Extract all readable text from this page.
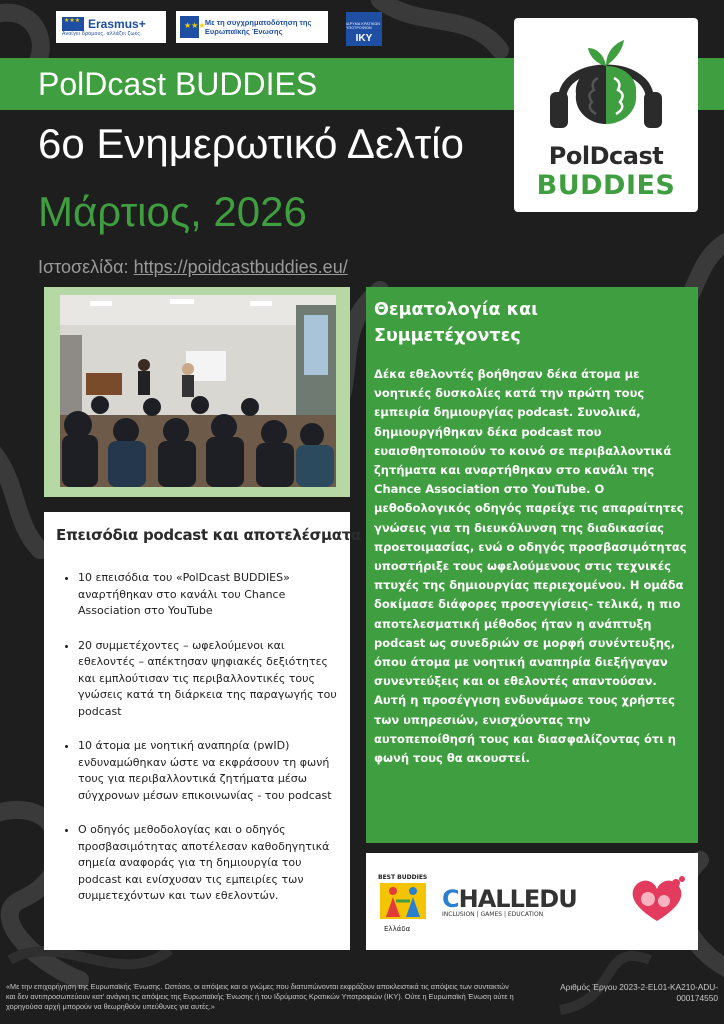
★★★
Erasmus+
Ανοίγει δρόμους, αλλάζει ζωές.
★★★
Με τη συγχρηματοδότηση της Ευρωπαϊκής Ένωσης
ΙΔΡΥΜΑ ΚΡΑΤΙΚΩΝ ΥΠΟΤΡΟΦΙΩΝ
IKY
PolDcast BUDDIES
PolDcast
BUDDIES
6ο Ενημερωτικό Δελτίο
Μάρτιος, 2026
Ιστοσελίδα: https://poidcastbuddies.eu/
Θεματολογία και Συμμετέχοντες

Δέκα εθελοντές βοήθησαν δέκα άτομα με νοητικές δυσκολίες κατά την πρώτη τους εμπειρία δημιουργίας podcast. Συνολικά, δημιουργήθηκαν δέκα podcast που ευαισθητοποιούν το κοινό σε περιβαλλοντικά ζητήματα και αναρτήθηκαν στο κανάλι της Chance Association στο YouTube. Ο μεθοδολογικός οδηγός παρείχε τις απαραίτητες γνώσεις για τη διευκόλυνση της διαδικασίας προετοιμασίας, ενώ ο οδηγός προσβασιμότητας υποστήριξε τους ωφελούμενους στις τεχνικές πτυχές της δημιουργίας περιεχομένου. Η ομάδα δοκίμασε διάφορες προσεγγίσεις- τελικά, η πιο αποτελεσματική μέθοδος ήταν η ανάπτυξη podcast ως συνεδριών σε μορφή συνέντευξης, όπου άτομα με νοητική αναπηρία διεξήγαγαν συνεντεύξεις και οι εθελοντές απαντούσαν. Αυτή η προσέγγιση ενδυνάμωσε τους χρήστες των υπηρεσιών, ενισχύοντας την αυτοπεποίθησή τους και διασφαλίζοντας ότι η φωνή τους θα ακουστεί.

Επεισόδια podcast και αποτελέσματα
• 10 επεισόδια του «PolDcast BUDDIES» αναρτήθηκαν στο κανάλι του Chance Association στο YouTube
• 20 συμμετέχοντες – ωφελούμενοι και εθελοντές – απέκτησαν ψηφιακές δεξιότητες και εμπλούτισαν τις περιβαλλοντικές τους γνώσεις κατά τη διάρκεια της παραγωγής του podcast
• 10 άτομα με νοητική αναπηρία (pwID) ενδυναμώθηκαν ώστε να εκφράσουν τη φωνή τους για περιβαλλοντικά ζητήματα μέσω σύγχρονων μέσων επικοινωνίας - του podcast
• Ο οδηγός μεθοδολογίας και ο οδηγός προσβασιμότητας αποτέλεσαν καθοδηγητικά σημεία αναφοράς για τη δημιουργία του podcast και ενίσχυσαν τις εμπειρίες των συμμετεχόντων και των εθελοντών.
BEST BUDDIES
Ελλάδα
CHALLEDU
INCLUSION | GAMES | EDUCATION
«Με την επιχορήγηση της Ευρωπαϊκής Ένωσης. Ωστόσο, οι απόψεις και οι γνώμες που διατυπώνονται εκφράζουν αποκλειστικά τις απόψεις των συντακτών και δεν αντιπροσωπεύουν κατ' ανάγκη τις απόψεις της Ευρωπαϊκής Ένωσης ή του Ιδρύματος Κρατικών Υποτροφιών (ΙΚΥ). Ούτε η Ευρωπαϊκή Ένωση ούτε η χορηγούσα αρχή μπορούν να θεωρηθούν υπεύθυνες για αυτές.»
Αριθμός Έργου 2023-2-EL01-KA210-ADU-000174550
